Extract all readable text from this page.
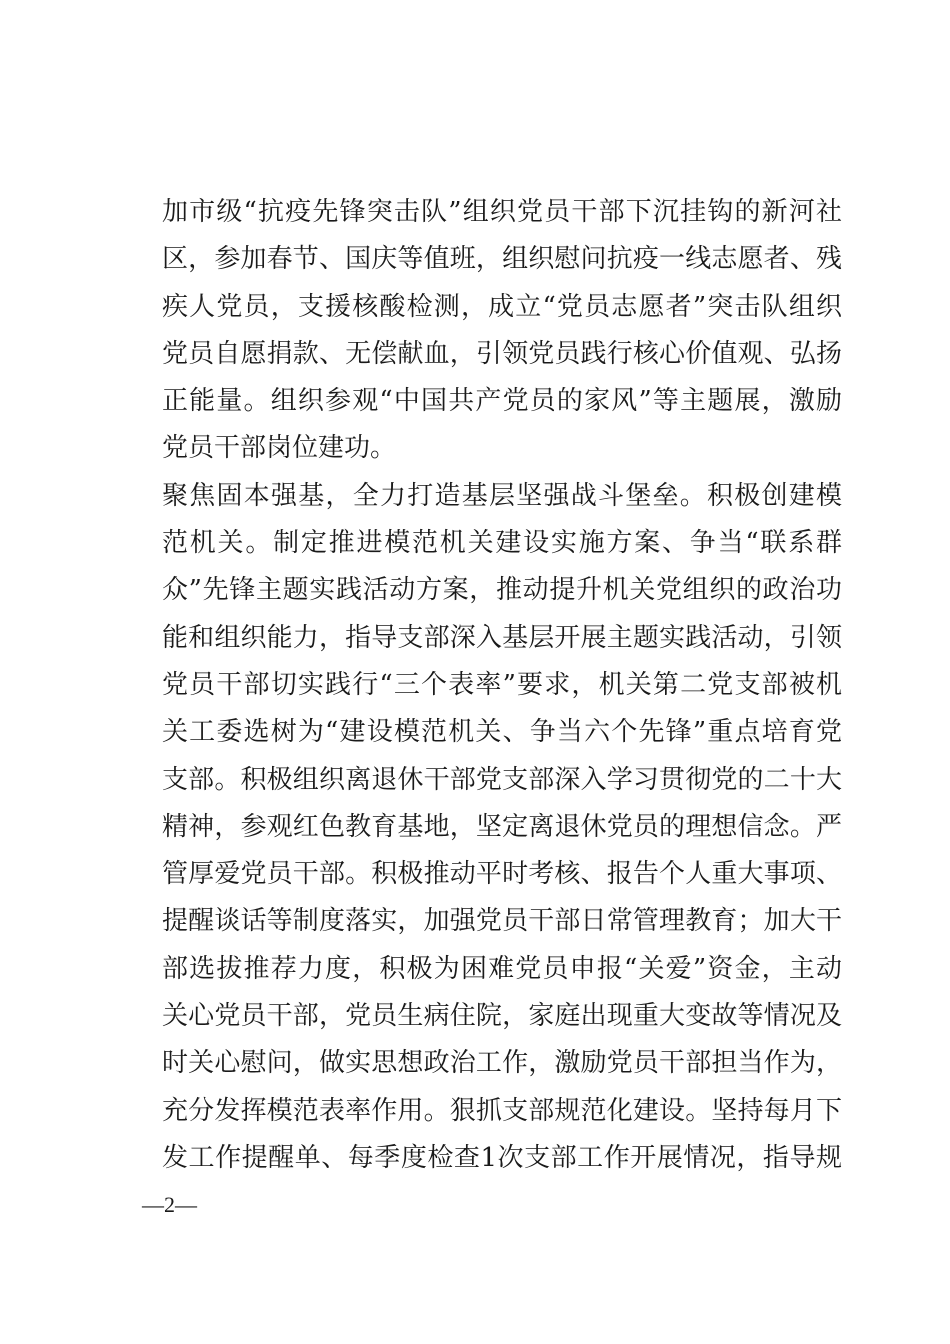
加市级“抗疫先锋突击队”组织党员干部下沉挂钩的新河社
区，参加春节、国庆等值班，组织慰问抗疫一线志愿者、残
疾人党员，支援核酸检测，成立“党员志愿者”突击队组织
党员自愿捐款、无偿献血，引领党员践行核心价值观、弘扬
正能量。组织参观“中国共产党员的家风”等主题展，激励
党员干部岗位建功。
聚焦固本强基，全力打造基层坚强战斗堡垒。积极创建模
范机关。制定推进模范机关建设实施方案、争当“联系群
众”先锋主题实践活动方案，推动提升机关党组织的政治功
能和组织能力，指导支部深入基层开展主题实践活动，引领
党员干部切实践行“三个表率”要求，机关第二党支部被机
关工委选树为“建设模范机关、争当六个先锋”重点培育党
支部。积极组织离退休干部党支部深入学习贯彻党的二十大
精神，参观红色教育基地，坚定离退休党员的理想信念。严
管厚爱党员干部。积极推动平时考核、报告个人重大事项、
提醒谈话等制度落实，加强党员干部日常管理教育；加大干
部选拔推荐力度，积极为困难党员申报“关爱”资金，主动
关心党员干部，党员生病住院，家庭出现重大变故等情况及
时关心慰问，做实思想政治工作，激励党员干部担当作为，
充分发挥模范表率作用。狠抓支部规范化建设。坚持每月下
发工作提醒单、每季度检查1次支部工作开展情况，指导规
—2—
